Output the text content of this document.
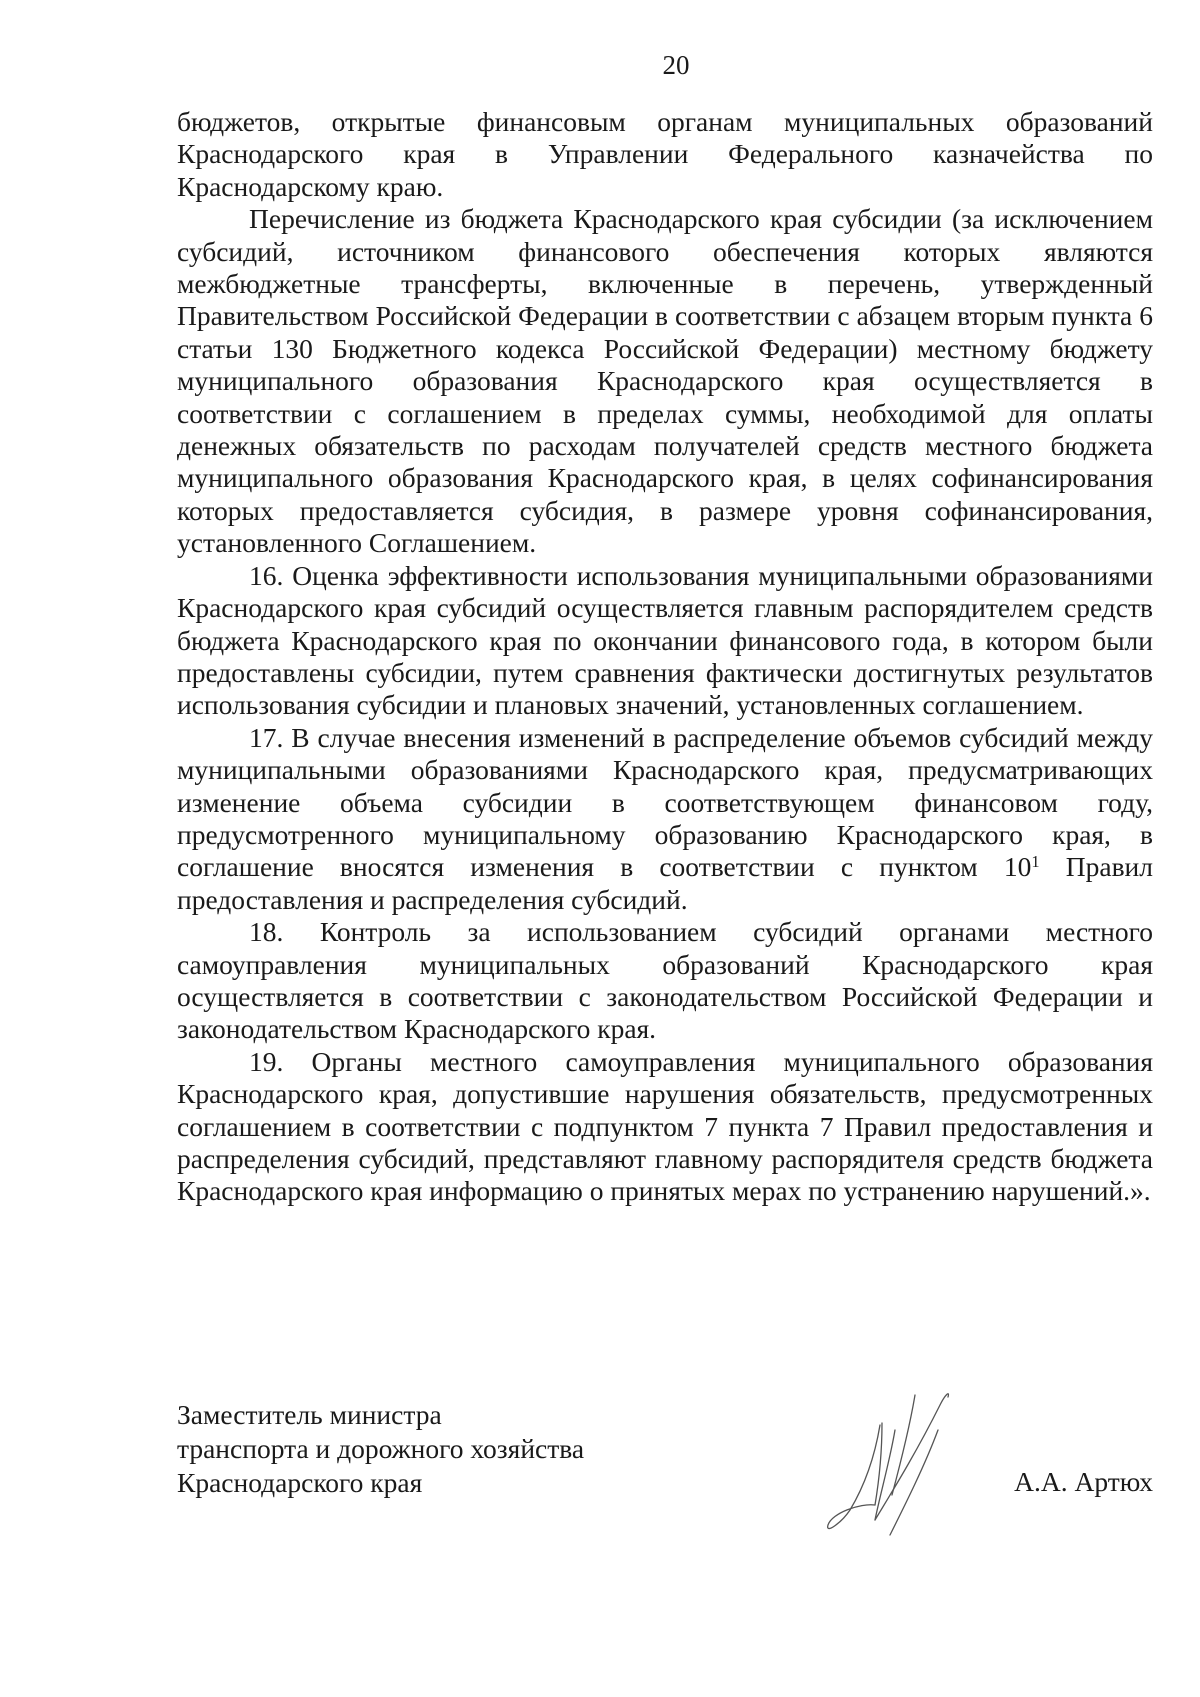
20

бюджетов, открытые финансовым органам муниципальных образований Краснодарского края в Управлении Федерального казначейства по Краснодарскому краю.

Перечисление из бюджета Краснодарского края субсидии (за исключением субсидий, источником финансового обеспечения которых являются межбюджетные трансферты, включенные в перечень, утвержденный Правительством Российской Федерации в соответствии с абзацем вторым пункта 6 статьи 130 Бюджетного кодекса Российской Федерации) местному бюджету муниципального образования Краснодарского края осуществляется в соответствии с соглашением в пределах суммы, необходимой для оплаты денежных обязательств по расходам получателей средств местного бюджета муниципального образования Краснодарского края, в целях софинансирования которых предоставляется субсидия, в размере уровня софинансирования, установленного Соглашением.

16. Оценка эффективности использования муниципальными образованиями Краснодарского края субсидий осуществляется главным распорядителем средств бюджета Краснодарского края по окончании финансового года, в котором были предоставлены субсидии, путем сравнения фактически достигнутых результатов использования субсидии и плановых значений, установленных соглашением.

17. В случае внесения изменений в распределение объемов субсидий между муниципальными образованиями Краснодарского края, предусматривающих изменение объема субсидии в соответствующем финансовом году, предусмотренного муниципальному образованию Краснодарского края, в соглашение вносятся изменения в соответствии с пунктом $10^1$ Правил предоставления и распределения субсидий.

18. Контроль за использованием субсидий органами местного самоуправления муниципальных образований Краснодарского края осуществляется в соответствии с законодательством Российской Федерации и законодательством Краснодарского края.

19. Органы местного самоуправления муниципального образования Краснодарского края, допустившие нарушения обязательств, предусмотренных соглашением в соответствии с подпунктом 7 пункта 7 Правил предоставления и распределения субсидий, представляют главному распорядителя средств бюджета Краснодарского края информацию о принятых мерах по устранению нарушений.».

Заместитель министра
транспорта и дорожного хозяйства
Краснодарского края	А.А. Артюх
